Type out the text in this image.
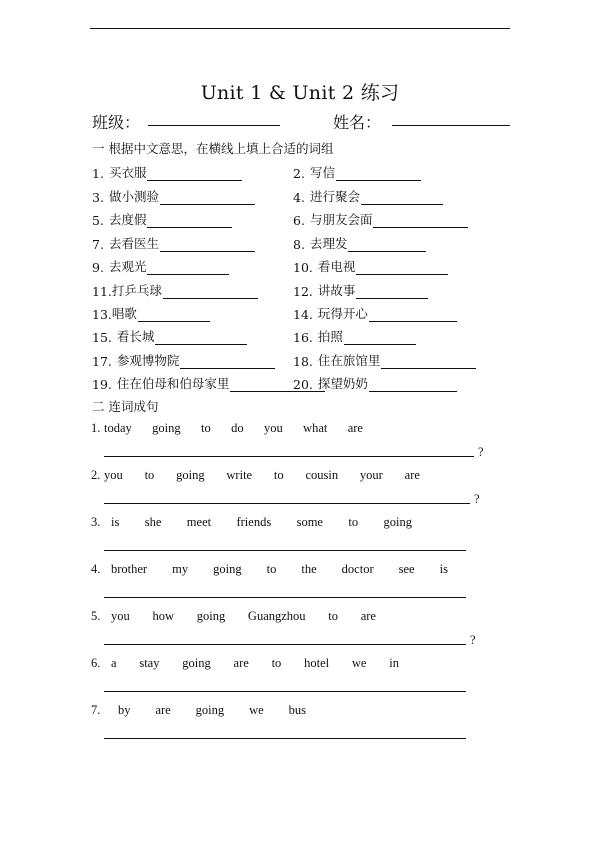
Unit 1 & Unit 2 练习
班级：	姓名：
一 根据中文意思，在横线上填上合适的词组
1. 买衣服	2. 写信
3. 做小测验	4. 进行聚会
5. 去度假	6. 与朋友会面
7. 去看医生	8. 去理发
9. 去观光	10. 看电视
11. 打乒乓球	12. 讲故事
13. 唱歌	14. 玩得开心
15. 看长城	16. 拍照
17. 参观博物院	18. 住在旅馆里
19. 住在伯母和伯母家里	20. 探望奶奶
二 连词成句
1. today going to do you what are
?
2. you to going write to cousin your are
?
3. is she meet friends some to going
4. brother my going to the doctor see is
5. you how going Guangzhou to are
?
6. a stay going are to hotel we in
7. by are going we bus
